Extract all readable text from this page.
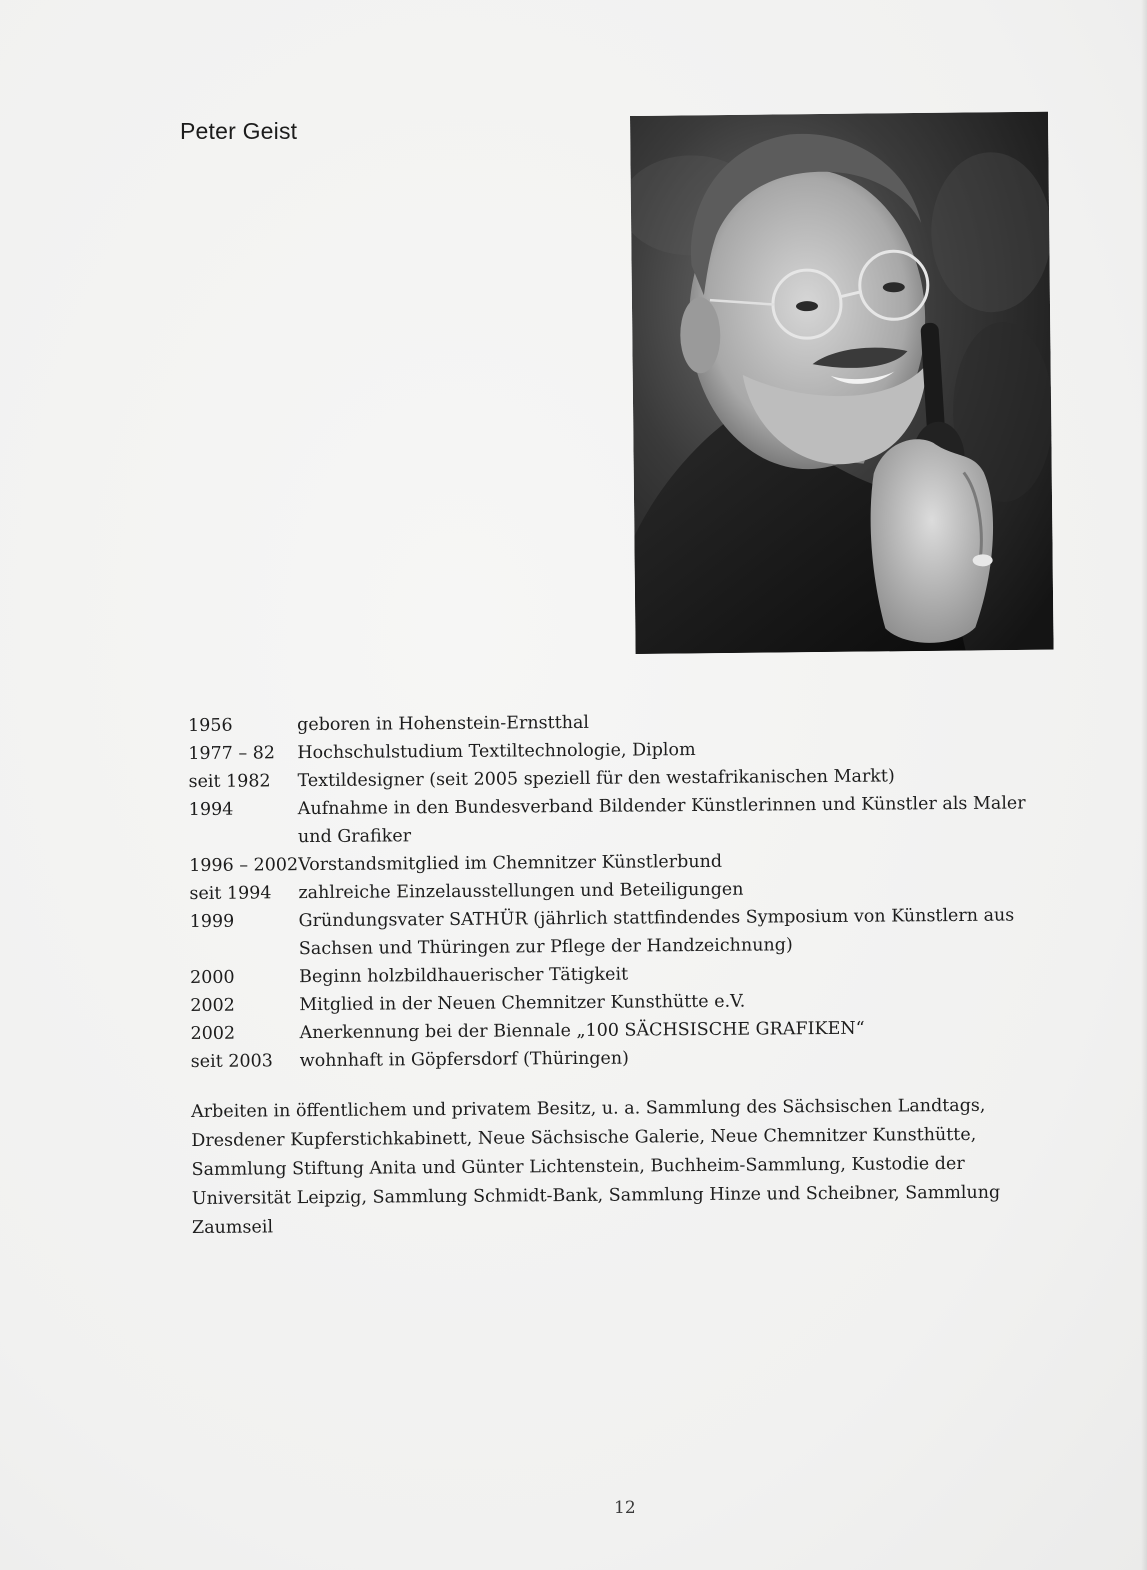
Peter Geist
1956	geboren in Hohenstein-Ernstthal
1977 – 82	Hochschulstudium Textiltechnologie, Diplom
seit 1982	Textildesigner (seit 2005 speziell für den westafrikanischen Markt)
1994	Aufnahme in den Bundesverband Bildender Künstlerinnen und Künstler als Maler und Grafiker
1996 – 2002 Vorstandsmitglied im Chemnitzer Künstlerbund
seit 1994	zahlreiche Einzelausstellungen und Beteiligungen
1999	Gründungsvater SATHÜR (jährlich stattfindendes Symposium von Künstlern aus Sachsen und Thüringen zur Pflege der Handzeichnung)
2000	Beginn holzbildhauerischer Tätigkeit
2002	Mitglied in der Neuen Chemnitzer Kunsthütte e.V.
2002	Anerkennung bei der Biennale „100 SÄCHSISCHE GRAFIKEN“
seit 2003	wohnhaft in Göpfersdorf (Thüringen)
Arbeiten in öffentlichem und privatem Besitz, u. a. Sammlung des Sächsischen Landtags, Dresdener Kupferstichkabinett, Neue Sächsische Galerie, Neue Chemnitzer Kunsthütte, Sammlung Stiftung Anita und Günter Lichtenstein, Buchheim-Sammlung, Kustodie der Universität Leipzig, Sammlung Schmidt-Bank, Sammlung Hinze und Scheibner, Sammlung Zaumseil
12
